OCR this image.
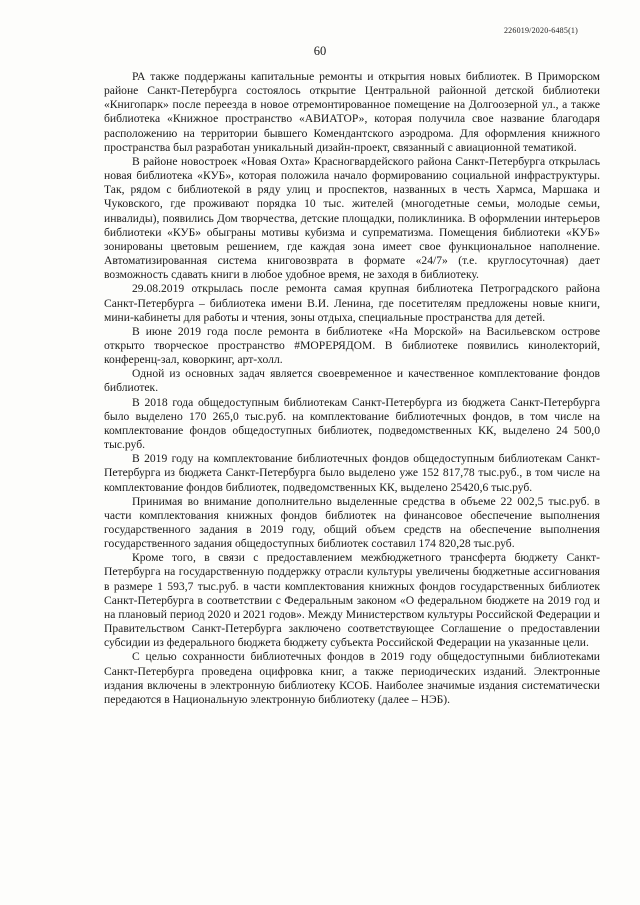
226019/2020-6485(1)
60

РА также поддержаны капитальные ремонты и открытия новых библиотек. В Приморском районе Санкт-Петербурга состоялось открытие Центральной районной детской библиотеки «Книгопарк» после переезда в новое отремонтированное помещение на Долгоозерной ул., а также библиотека «Книжное пространство «АВИАТОР», которая получила свое название благодаря расположению на территории бывшего Комендантского аэродрома. Для оформления книжного пространства был разработан уникальный дизайн-проект, связанный с авиационной тематикой.

В районе новостроек «Новая Охта» Красногвардейского района Санкт-Петербурга открылась новая библиотека «КУБ», которая положила начало формированию социальной инфраструктуры. Так, рядом с библиотекой в ряду улиц и проспектов, названных в честь Хармса, Маршака и Чуковского, где проживают порядка 10 тыс. жителей (многодетные семьи, молодые семьи, инвалиды), появились Дом творчества, детские площадки, поликлиника. В оформлении интерьеров библиотеки «КУБ» обыграны мотивы кубизма и супрематизма. Помещения библиотеки «КУБ» зонированы цветовым решением, где каждая зона имеет свое функциональное наполнение. Автоматизированная система книговозврата в формате «24/7» (т.е. круглосуточная) дает возможность сдавать книги в любое удобное время, не заходя в библиотеку.

29.08.2019 открылась после ремонта самая крупная библиотека Петроградского района Санкт-Петербурга – библиотека имени В.И. Ленина, где посетителям предложены новые книги, мини-кабинеты для работы и чтения, зоны отдыха, специальные пространства для детей.

В июне 2019 года после ремонта в библиотеке «На Морской» на Васильевском острове открыто творческое пространство #МОРЕРЯДОМ. В библиотеке появились кинолекторий, конференц-зал, коворкинг, арт-холл.

Одной из основных задач является своевременное и качественное комплектование фондов библиотек.

В 2018 года общедоступным библиотекам Санкт-Петербурга из бюджета Санкт-Петербурга было выделено 170 265,0 тыс.руб. на комплектование библиотечных фондов, в том числе на комплектование фондов общедоступных библиотек, подведомственных КК, выделено 24 500,0 тыс.руб.

В 2019 году на комплектование библиотечных фондов общедоступным библиотекам Санкт-Петербурга из бюджета Санкт-Петербурга было выделено уже 152 817,78 тыс.руб., в том числе на комплектование фондов библиотек, подведомственных КК, выделено 25420,6 тыс.руб.

Принимая во внимание дополнительно выделенные средства в объеме 22 002,5 тыс.руб. в части комплектования книжных фондов библиотек на финансовое обеспечение выполнения государственного задания в 2019 году, общий объем средств на обеспечение выполнения государственного задания общедоступных библиотек составил 174 820,28 тыс.руб.

Кроме того, в связи с предоставлением межбюджетного трансферта бюджету Санкт-Петербурга на государственную поддержку отрасли культуры увеличены бюджетные ассигнования в размере 1 593,7 тыс.руб. в части комплектования книжных фондов государственных библиотек Санкт-Петербурга в соответствии с Федеральным законом «О федеральном бюджете на 2019 год и на плановый период 2020 и 2021 годов». Между Министерством культуры Российской Федерации и Правительством Санкт-Петербурга заключено соответствующее Соглашение о предоставлении субсидии из федерального бюджета бюджету субъекта Российской Федерации на указанные цели.

С целью сохранности библиотечных фондов в 2019 году общедоступными библиотеками Санкт-Петербурга проведена оцифровка книг, а также периодических изданий. Электронные издания включены в электронную библиотеку КСОБ. Наиболее значимые издания систематически передаются в Национальную электронную библиотеку (далее – НЭБ).
